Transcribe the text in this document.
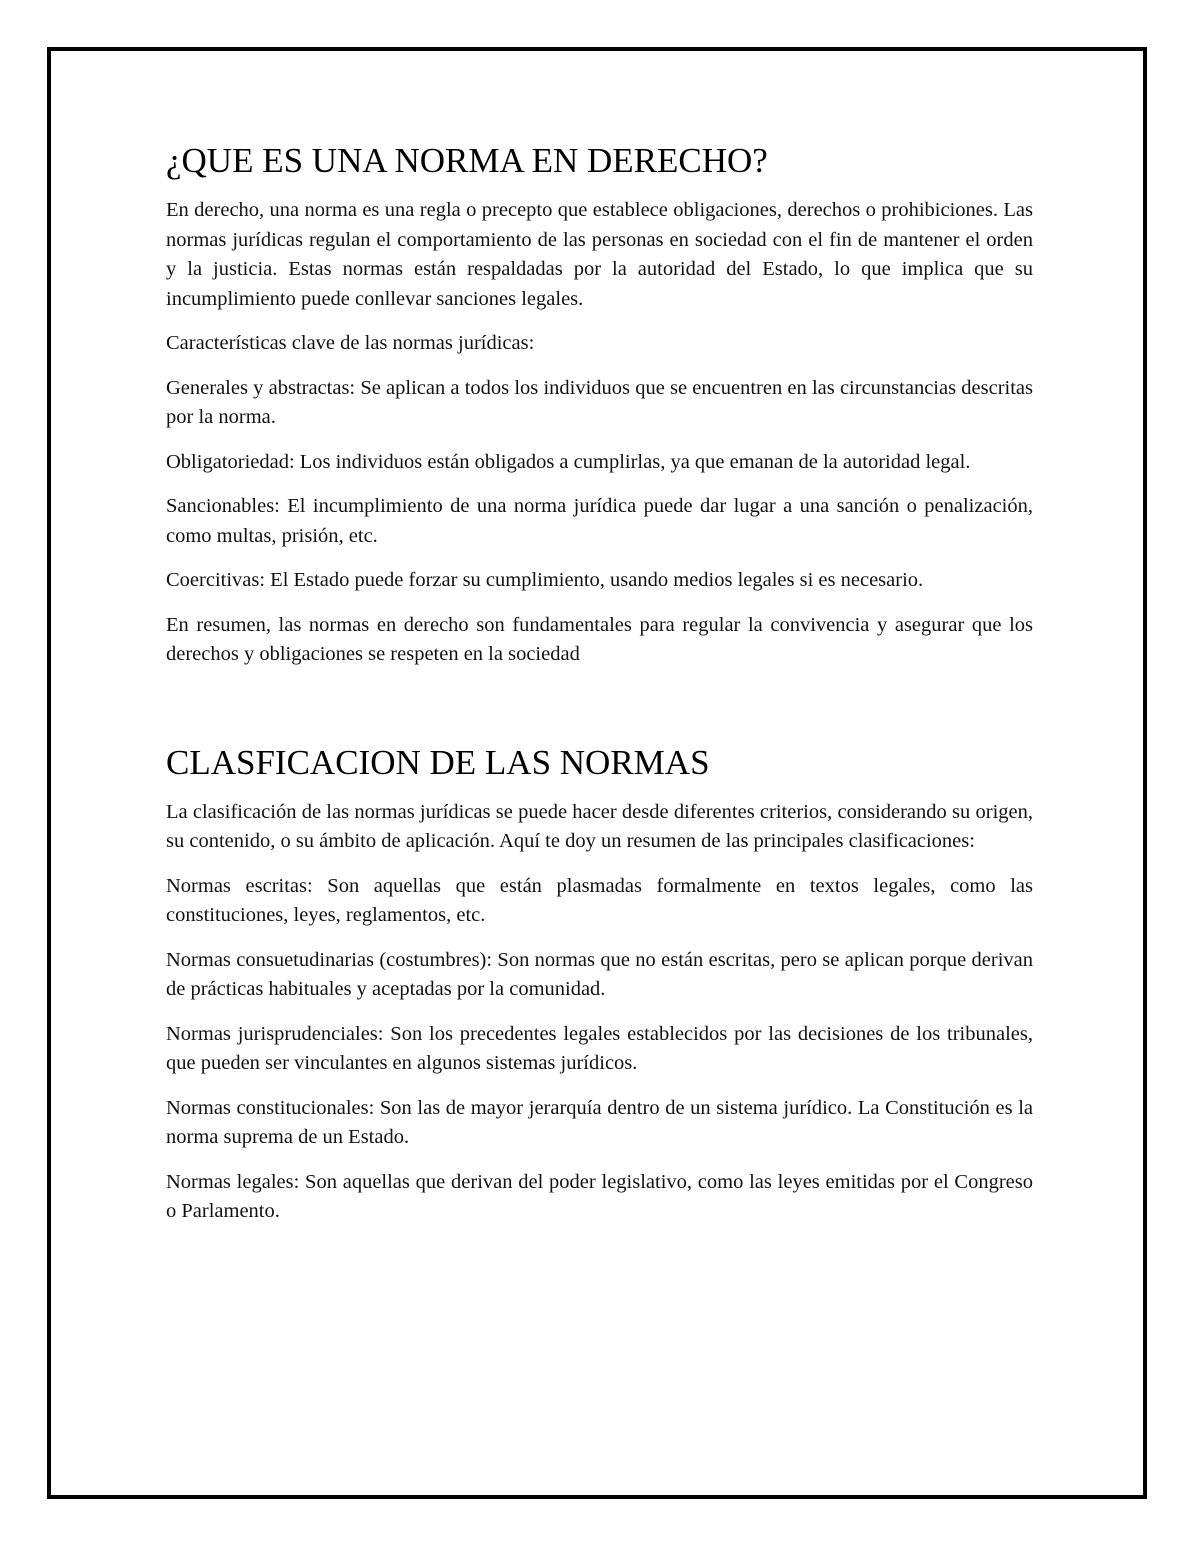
¿QUE ES UNA NORMA EN DERECHO?

En derecho, una norma es una regla o precepto que establece obligaciones, derechos o prohibiciones. Las normas jurídicas regulan el comportamiento de las personas en sociedad con el fin de mantener el orden y la justicia. Estas normas están respaldadas por la autoridad del Estado, lo que implica que su incumplimiento puede conllevar sanciones legales.

Características clave de las normas jurídicas:

Generales y abstractas: Se aplican a todos los individuos que se encuentren en las circunstancias descritas por la norma.

Obligatoriedad: Los individuos están obligados a cumplirlas, ya que emanan de la autoridad legal.

Sancionables: El incumplimiento de una norma jurídica puede dar lugar a una sanción o penalización, como multas, prisión, etc.

Coercitivas: El Estado puede forzar su cumplimiento, usando medios legales si es necesario.

En resumen, las normas en derecho son fundamentales para regular la convivencia y asegurar que los derechos y obligaciones se respeten en la sociedad

CLASFICACION DE LAS NORMAS

La clasificación de las normas jurídicas se puede hacer desde diferentes criterios, considerando su origen, su contenido, o su ámbito de aplicación. Aquí te doy un resumen de las principales clasificaciones:

Normas escritas: Son aquellas que están plasmadas formalmente en textos legales, como las constituciones, leyes, reglamentos, etc.

Normas consuetudinarias (costumbres): Son normas que no están escritas, pero se aplican porque derivan de prácticas habituales y aceptadas por la comunidad.

Normas jurisprudenciales: Son los precedentes legales establecidos por las decisiones de los tribunales, que pueden ser vinculantes en algunos sistemas jurídicos.

Normas constitucionales: Son las de mayor jerarquía dentro de un sistema jurídico. La Constitución es la norma suprema de un Estado.

Normas legales: Son aquellas que derivan del poder legislativo, como las leyes emitidas por el Congreso o Parlamento.
